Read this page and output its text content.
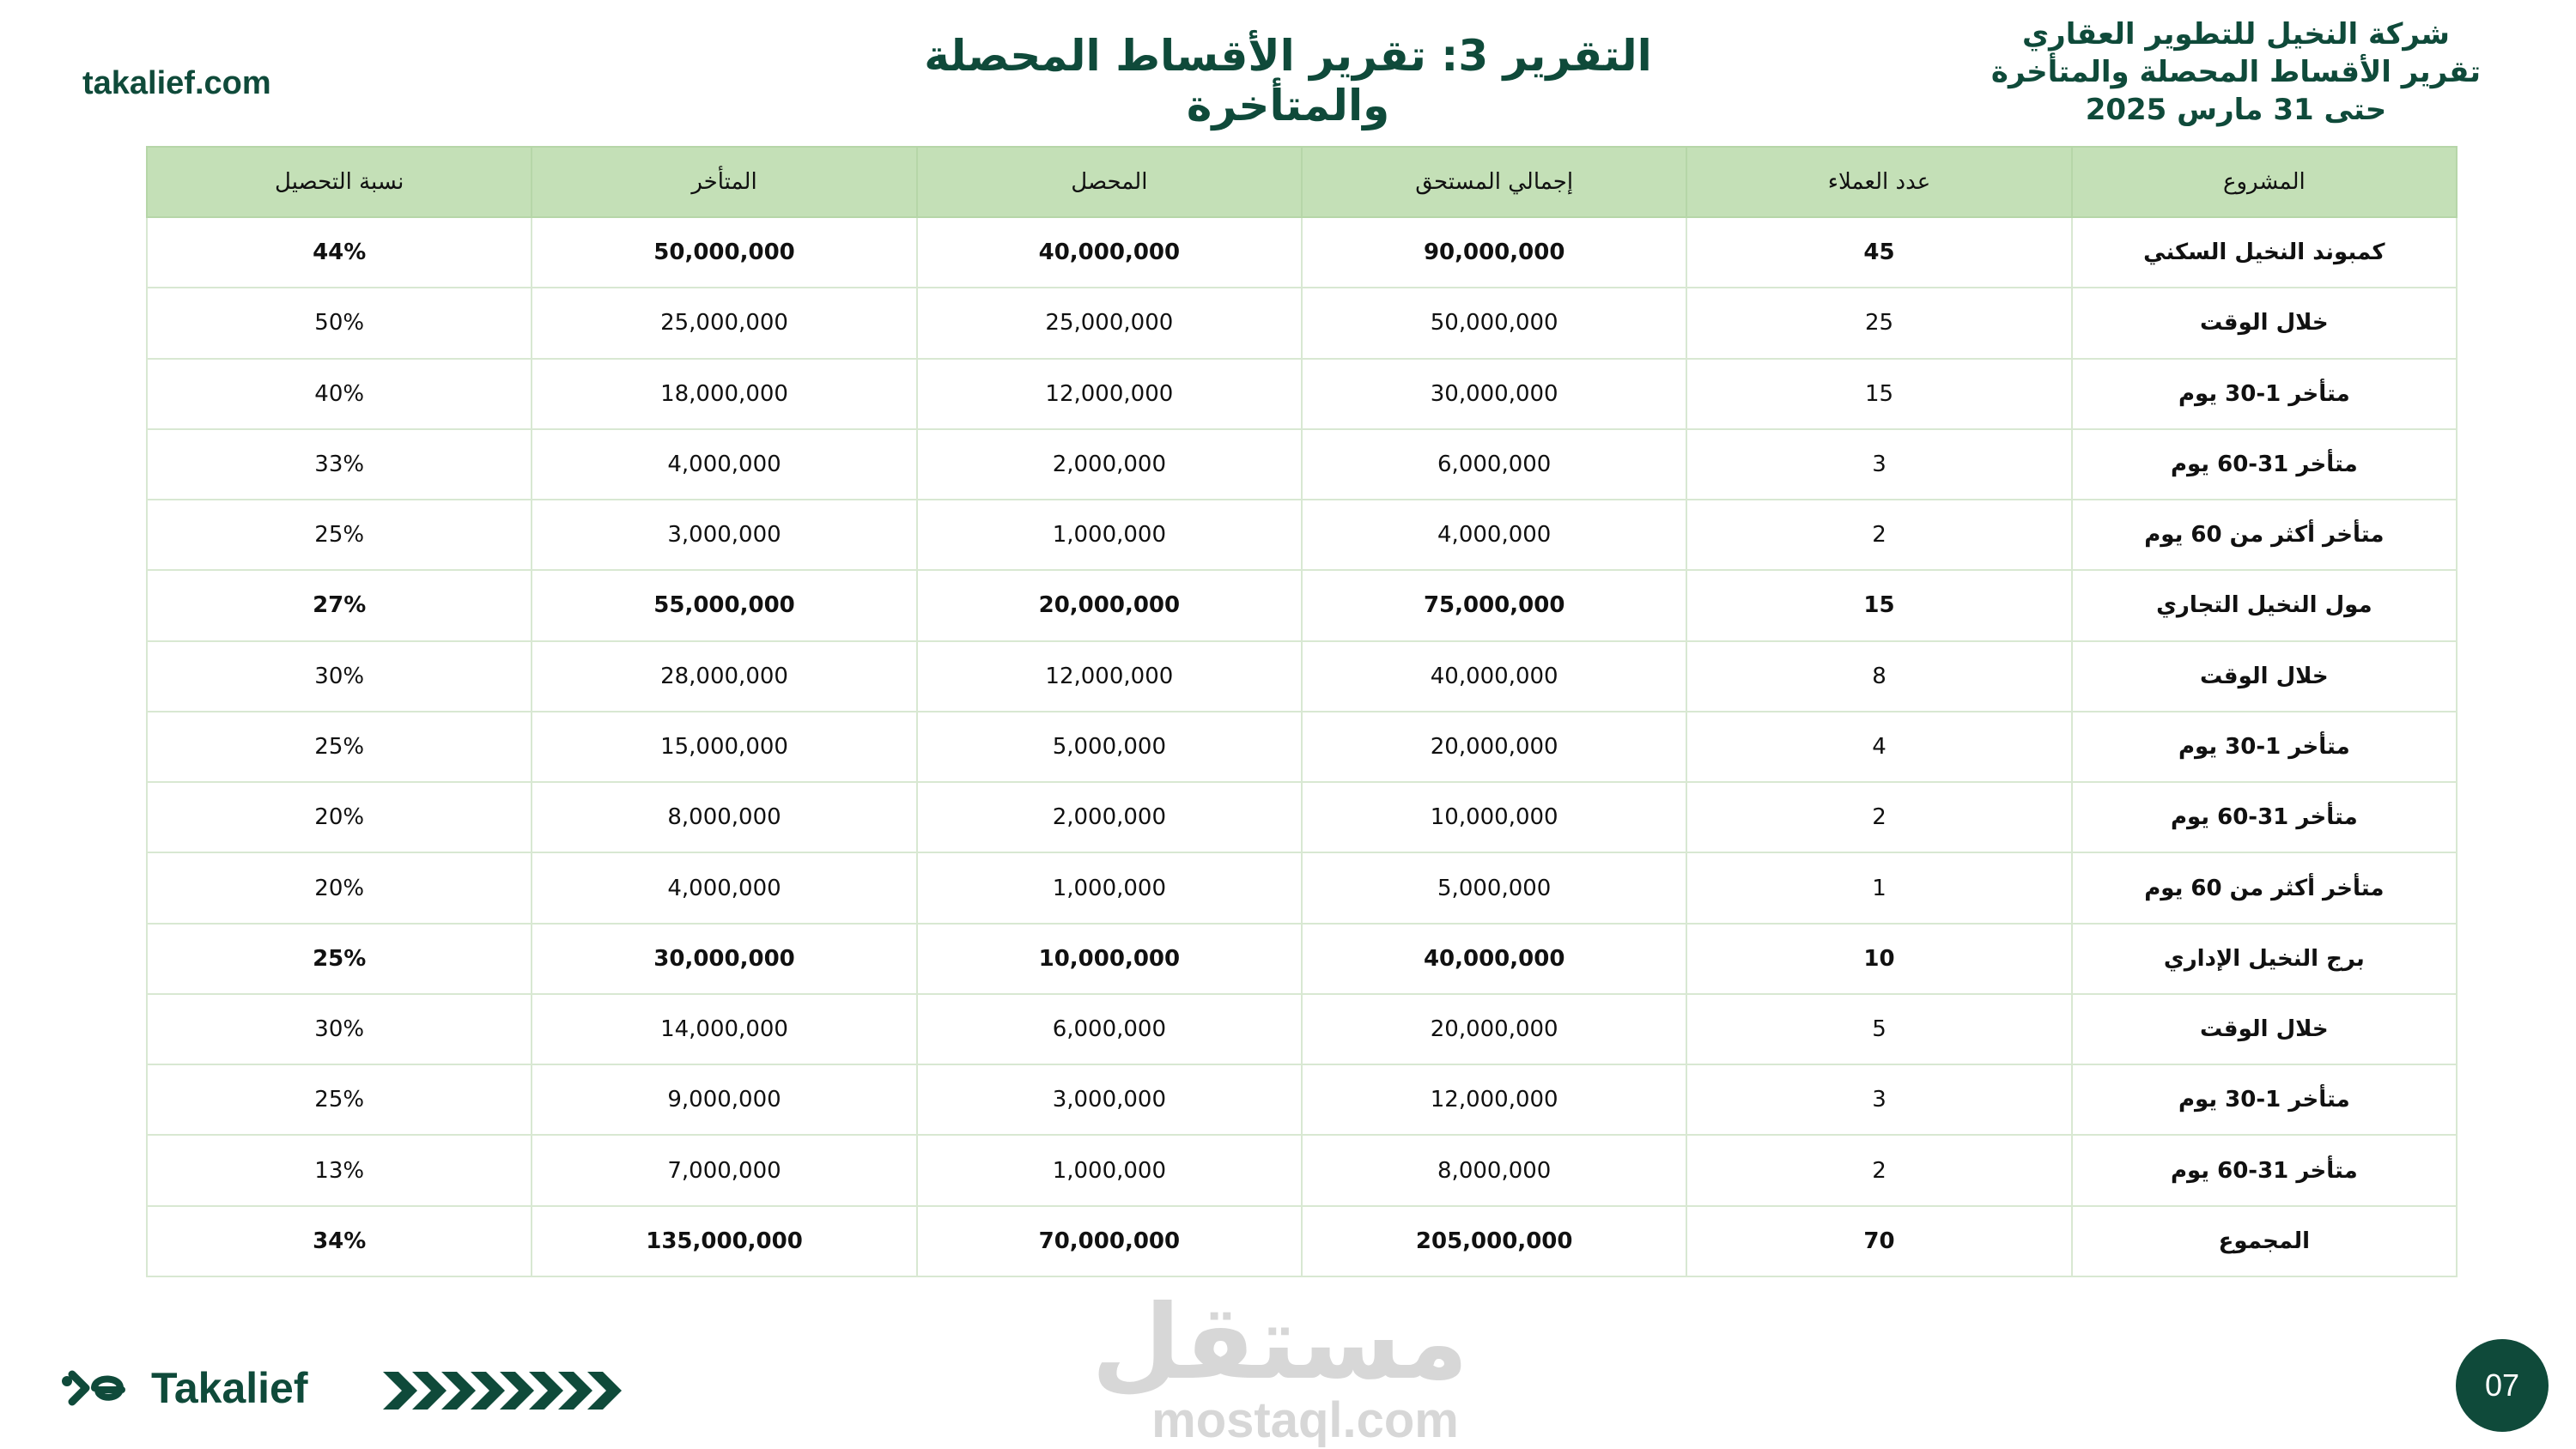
takalief.com
التقرير 3: تقرير الأقساط المحصلة والمتأخرة
شركة النخيل للتطوير العقاري
تقرير الأقساط المحصلة والمتأخرة
حتى 31 مارس 2025
المشروع	عدد العملاء	إجمالي المستحق	المحصل	المتأخر	نسبة التحصيل
كمبوند النخيل السكني	45	90,000,000	40,000,000	50,000,000	44%
خلال الوقت	25	50,000,000	25,000,000	25,000,000	50%
متأخر 1-30 يوم	15	30,000,000	12,000,000	18,000,000	40%
متأخر 31-60 يوم	3	6,000,000	2,000,000	4,000,000	33%
متأخر أكثر من 60 يوم	2	4,000,000	1,000,000	3,000,000	25%
مول النخيل التجاري	15	75,000,000	20,000,000	55,000,000	27%
خلال الوقت	8	40,000,000	12,000,000	28,000,000	30%
متأخر 1-30 يوم	4	20,000,000	5,000,000	15,000,000	25%
متأخر 31-60 يوم	2	10,000,000	2,000,000	8,000,000	20%
متأخر أكثر من 60 يوم	1	5,000,000	1,000,000	4,000,000	20%
برج النخيل الإداري	10	40,000,000	10,000,000	30,000,000	25%
خلال الوقت	5	20,000,000	6,000,000	14,000,000	30%
متأخر 1-30 يوم	3	12,000,000	3,000,000	9,000,000	25%
متأخر 31-60 يوم	2	8,000,000	1,000,000	7,000,000	13%
المجموع	70	205,000,000	70,000,000	135,000,000	34%
Takalief	مستقل
mostaql.com
07
